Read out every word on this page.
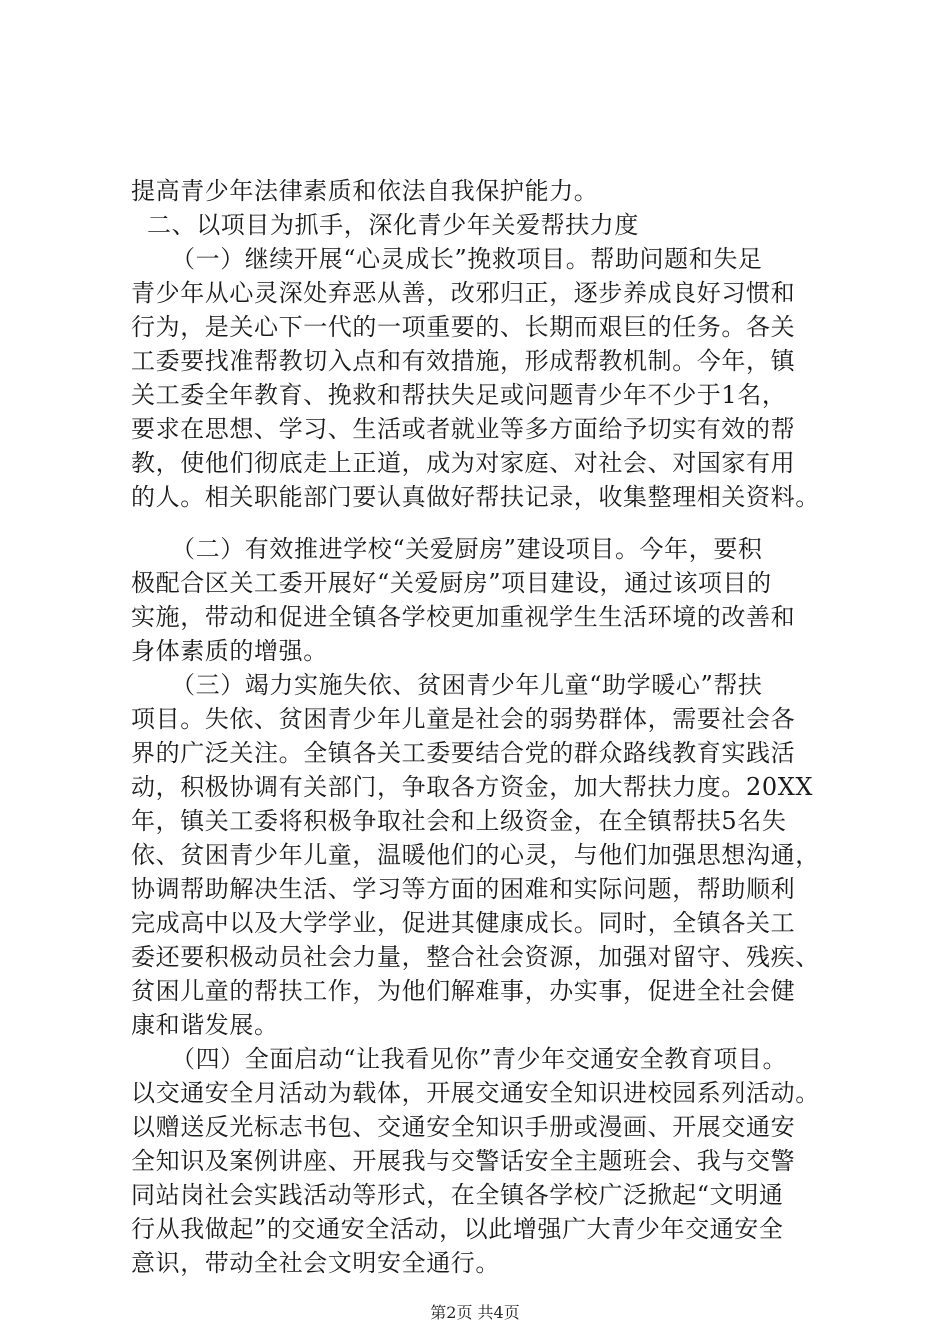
提高青少年法律素质和依法自我保护能力。
二、以项目为抓手，深化青少年关爱帮扶力度
（一）继续开展“心灵成长”挽救项目。帮助问题和失足
青少年从心灵深处弃恶从善，改邪归正，逐步养成良好习惯和
行为，是关心下一代的一项重要的、长期而艰巨的任务。各关
工委要找准帮教切入点和有效措施，形成帮教机制。今年，镇
关工委全年教育、挽救和帮扶失足或问题青少年不少于1名，
要求在思想、学习、生活或者就业等多方面给予切实有效的帮
教，使他们彻底走上正道，成为对家庭、对社会、对国家有用
的人。相关职能部门要认真做好帮扶记录，收集整理相关资料。
（二）有效推进学校“关爱厨房”建设项目。今年，要积
极配合区关工委开展好“关爱厨房”项目建设，通过该项目的
实施，带动和促进全镇各学校更加重视学生生活环境的改善和
身体素质的增强。
（三）竭力实施失依、贫困青少年儿童“助学暖心”帮扶
项目。失依、贫困青少年儿童是社会的弱势群体，需要社会各
界的广泛关注。全镇各关工委要结合党的群众路线教育实践活
动，积极协调有关部门，争取各方资金，加大帮扶力度。20XX
年，镇关工委将积极争取社会和上级资金，在全镇帮扶5名失
依、贫困青少年儿童，温暖他们的心灵，与他们加强思想沟通，
协调帮助解决生活、学习等方面的困难和实际问题，帮助顺利
完成高中以及大学学业，促进其健康成长。同时，全镇各关工
委还要积极动员社会力量，整合社会资源，加强对留守、残疾、
贫困儿童的帮扶工作，为他们解难事，办实事，促进全社会健
康和谐发展。
（四）全面启动“让我看见你”青少年交通安全教育项目。
以交通安全月活动为载体，开展交通安全知识进校园系列活动。
以赠送反光标志书包、交通安全知识手册或漫画、开展交通安
全知识及案例讲座、开展我与交警话安全主题班会、我与交警
同站岗社会实践活动等形式，在全镇各学校广泛掀起“文明通
行从我做起”的交通安全活动，以此增强广大青少年交通安全
意识，带动全社会文明安全通行。
第2页 共4页
